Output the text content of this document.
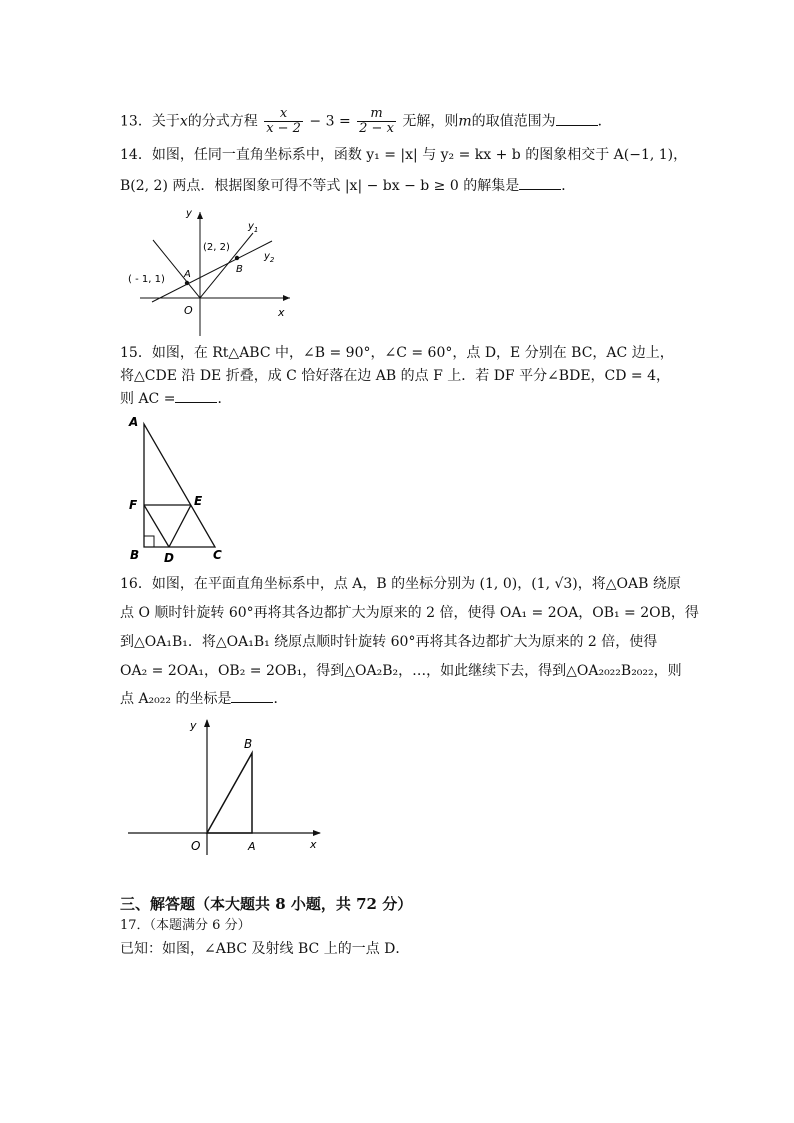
13．关于x的分式方程 $\frac{x}{x - 2} - 3 = \frac{m}{2 - x}$ 无解，则m的取值范围为	．
14．如图，任同一直角坐标系中，函数 y₁ = |x| 与 y₂ = kx + b 的图象相交于 A(−1, 1)，
B(2, 2) 两点．根据图象可得不等式 |x| − bx − b ≥ 0 的解集是	．
y
x
O
$y_1$
$y_2$
A	B
( - 1, 1)
(2, 2)
15．如图，在 Rt△ABC 中，∠B = 90°，∠C = 60°，点 D，E 分别在 BC，AC 边上，
将△CDE 沿 DE 折叠，成 C 恰好落在边 AB 的点 F 上．若 DF 平分∠BDE，CD = 4，
则 AC =	．
A
B	C
D
E
F
16．如图，在平面直角坐标系中，点 A，B 的坐标分别为 (1, 0)，(1, √3)，将△OAB 绕原
点 O 顺时针旋转 60°再将其各边都扩大为原来的 2 倍，使得 OA₁ = 2OA，OB₁ = 2OB，得
到△OA₁B₁．将△OA₁B₁ 绕原点顺时针旋转 60°再将其各边都扩大为原来的 2 倍，使得
OA₂ = 2OA₁，OB₂ = 2OB₁，得到△OA₂B₂，…，如此继续下去，得到△OA₂₀₂₂B₂₀₂₂，则
点 A₂₀₂₂ 的坐标是	．
y
x
O	A
B
三、解答题（本大题共 8 小题，共 72 分）
17．（本题满分 6 分）
已知：如图，∠ABC 及射线 BC 上的一点 D．
